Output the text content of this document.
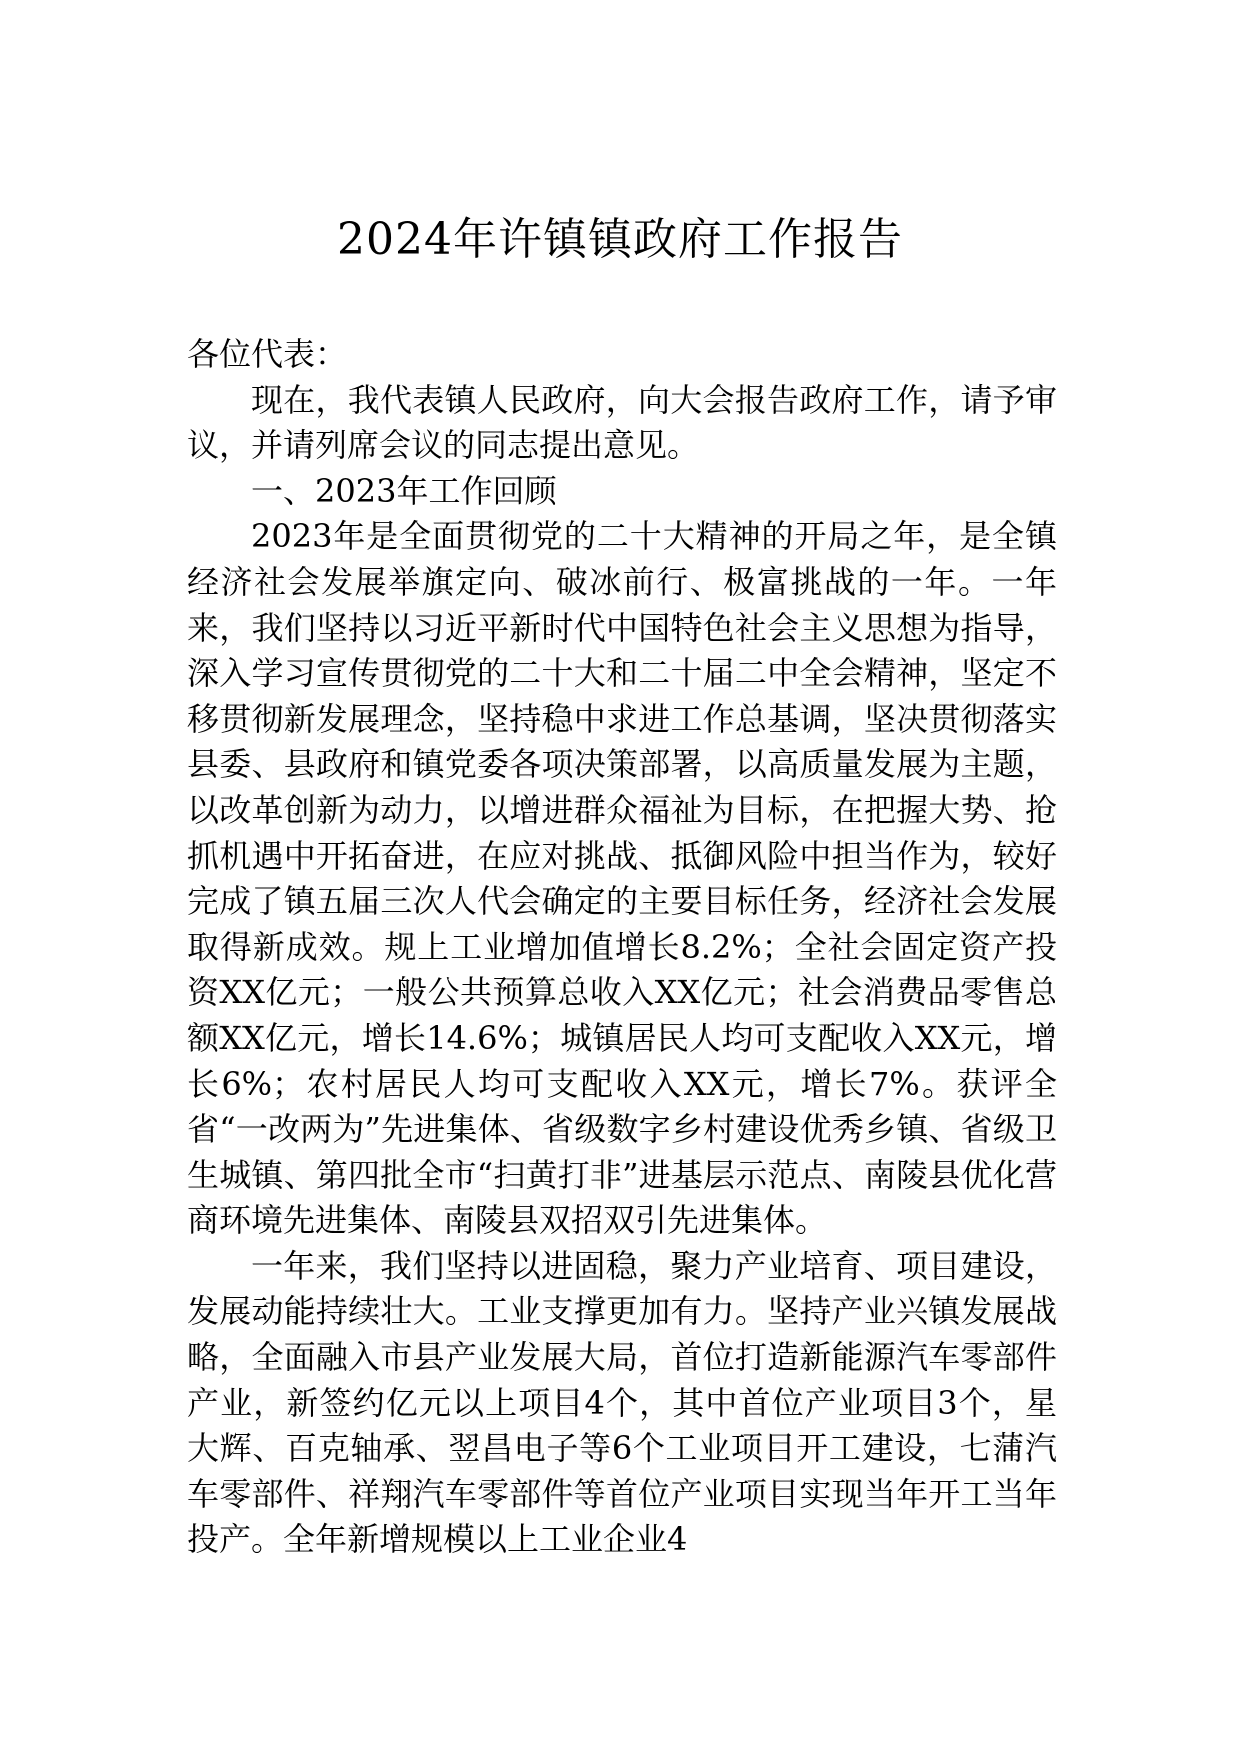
2024年许镇镇政府工作报告

各位代表：

现在，我代表镇人民政府，向大会报告政府工作，请予审议，并请列席会议的同志提出意见。

一、2023年工作回顾

2023年是全面贯彻党的二十大精神的开局之年，是全镇经济社会发展举旗定向、破冰前行、极富挑战的一年。一年来，我们坚持以习近平新时代中国特色社会主义思想为指导，深入学习宣传贯彻党的二十大和二十届二中全会精神，坚定不移贯彻新发展理念，坚持稳中求进工作总基调，坚决贯彻落实县委、县政府和镇党委各项决策部署，以高质量发展为主题，以改革创新为动力，以增进群众福祉为目标，在把握大势、抢抓机遇中开拓奋进，在应对挑战、抵御风险中担当作为，较好完成了镇五届三次人代会确定的主要目标任务，经济社会发展取得新成效。规上工业增加值增长8.2%；全社会固定资产投资XX亿元；一般公共预算总收入XX亿元；社会消费品零售总额XX亿元，增长14.6%；城镇居民人均可支配收入XX元，增长6%；农村居民人均可支配收入XX元，增长7%。获评全省“一改两为”先进集体、省级数字乡村建设优秀乡镇、省级卫生城镇、第四批全市“扫黄打非”进基层示范点、南陵县优化营商环境先进集体、南陵县双招双引先进集体。

一年来，我们坚持以进固稳，聚力产业培育、项目建设，发展动能持续壮大。工业支撑更加有力。坚持产业兴镇发展战略，全面融入市县产业发展大局，首位打造新能源汽车零部件产业，新签约亿元以上项目4个，其中首位产业项目3个，星大辉、百克轴承、翌昌电子等6个工业项目开工建设，七蒲汽车零部件、祥翔汽车零部件等首位产业项目实现当年开工当年投产。全年新增规模以上工业企业4
